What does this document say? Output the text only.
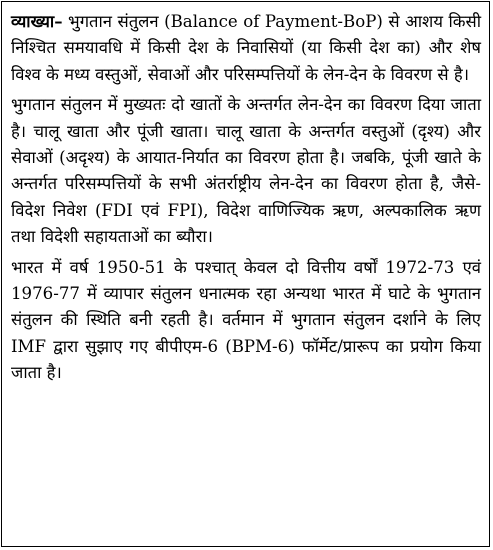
व्याख्या– भुगतान संतुलन (Balance of Payment-BoP) से आशय किसी निश्चित समयावधि में किसी देश के निवासियों (या किसी देश का) और शेष विश्व के मध्य वस्तुओं, सेवाओं और परिसम्पत्तियों के लेन-देन के विवरण से है।

भुगतान संतुलन में मुख्यतः दो खातों के अन्तर्गत लेन-देन का विवरण दिया जाता है। चालू खाता और पूंजी खाता। चालू खाता के अन्तर्गत वस्तुओं (दृश्य) और सेवाओं (अदृश्य) के आयात-निर्यात का विवरण होता है। जबकि, पूंजी खाते के अन्तर्गत परिसम्पत्तियों के सभी अंतर्राष्ट्रीय लेन-देन का विवरण होता है, जैसे-विदेश निवेश (FDI एवं FPI), विदेश वाणिज्यिक ऋण, अल्पकालिक ऋण तथा विदेशी सहायताओं का ब्यौरा।

भारत में वर्ष 1950-51 के पश्चात् केवल दो वित्तीय वर्षों 1972-73 एवं 1976-77 में व्यापार संतुलन धनात्मक रहा अन्यथा भारत में घाटे के भुगतान संतुलन की स्थिति बनी रहती है। वर्तमान में भुगतान संतुलन दर्शाने के लिए IMF द्वारा सुझाए गए बीपीएम-6 (BPM-6) फॉर्मेट/प्रारूप का प्रयोग किया जाता है।
